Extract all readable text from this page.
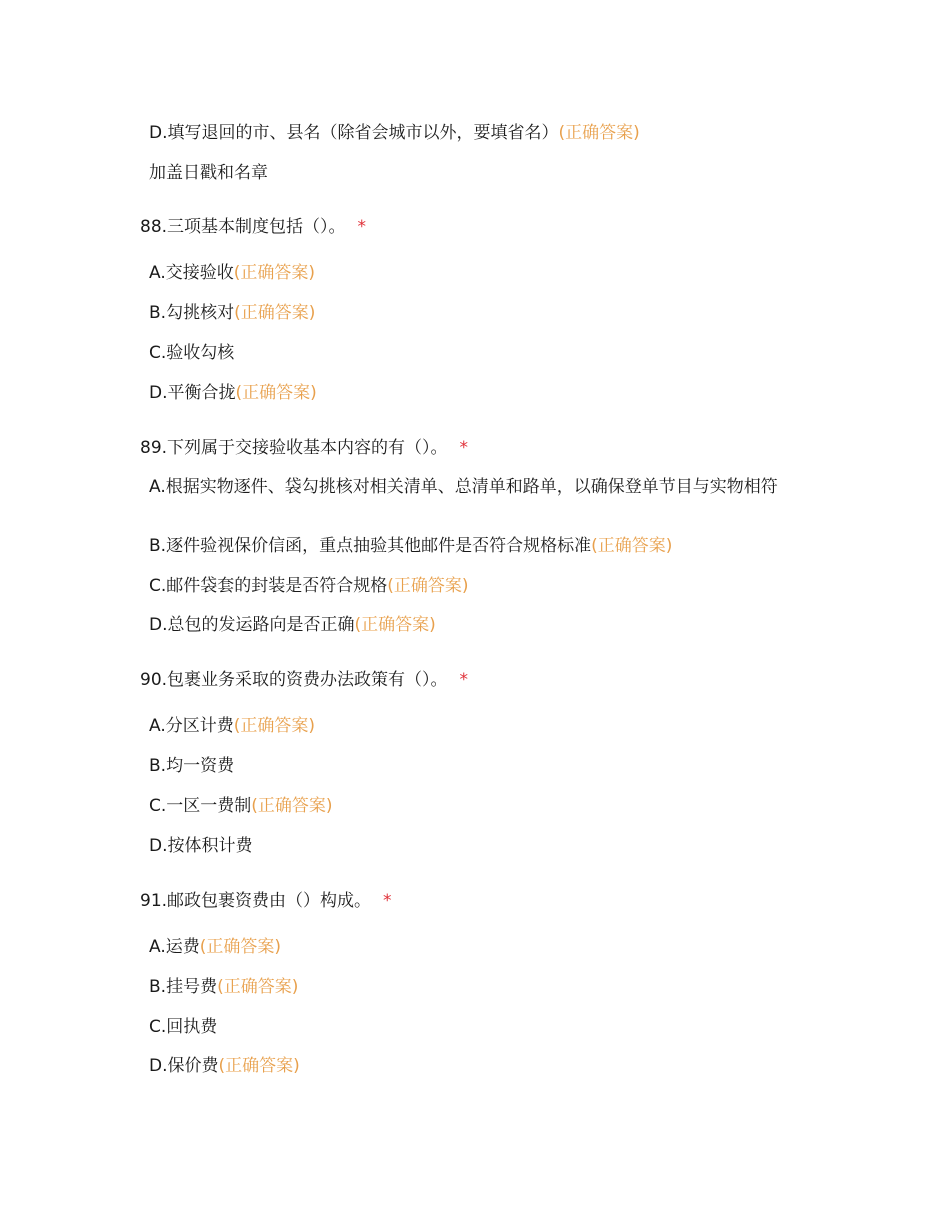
D.填写退回的市、县名（除省会城市以外，要填省名）(正确答案)
加盖日戳和名章
88.三项基本制度包括（）。 *
A.交接验收(正确答案)
B.勾挑核对(正确答案)
C.验收勾核
D.平衡合拢(正确答案)
89.下列属于交接验收基本内容的有（）。 *
A.根据实物逐件、袋勾挑核对相关清单、总清单和路单，以确保登单节目与实物相符
B.逐件验视保价信函，重点抽验其他邮件是否符合规格标准(正确答案)
C.邮件袋套的封装是否符合规格(正确答案)
D.总包的发运路向是否正确(正确答案)
90.包裹业务采取的资费办法政策有（）。 *
A.分区计费(正确答案)
B.均一资费
C.一区一费制(正确答案)
D.按体积计费
91.邮政包裹资费由（）构成。 *
A.运费(正确答案)
B.挂号费(正确答案)
C.回执费
D.保价费(正确答案)
